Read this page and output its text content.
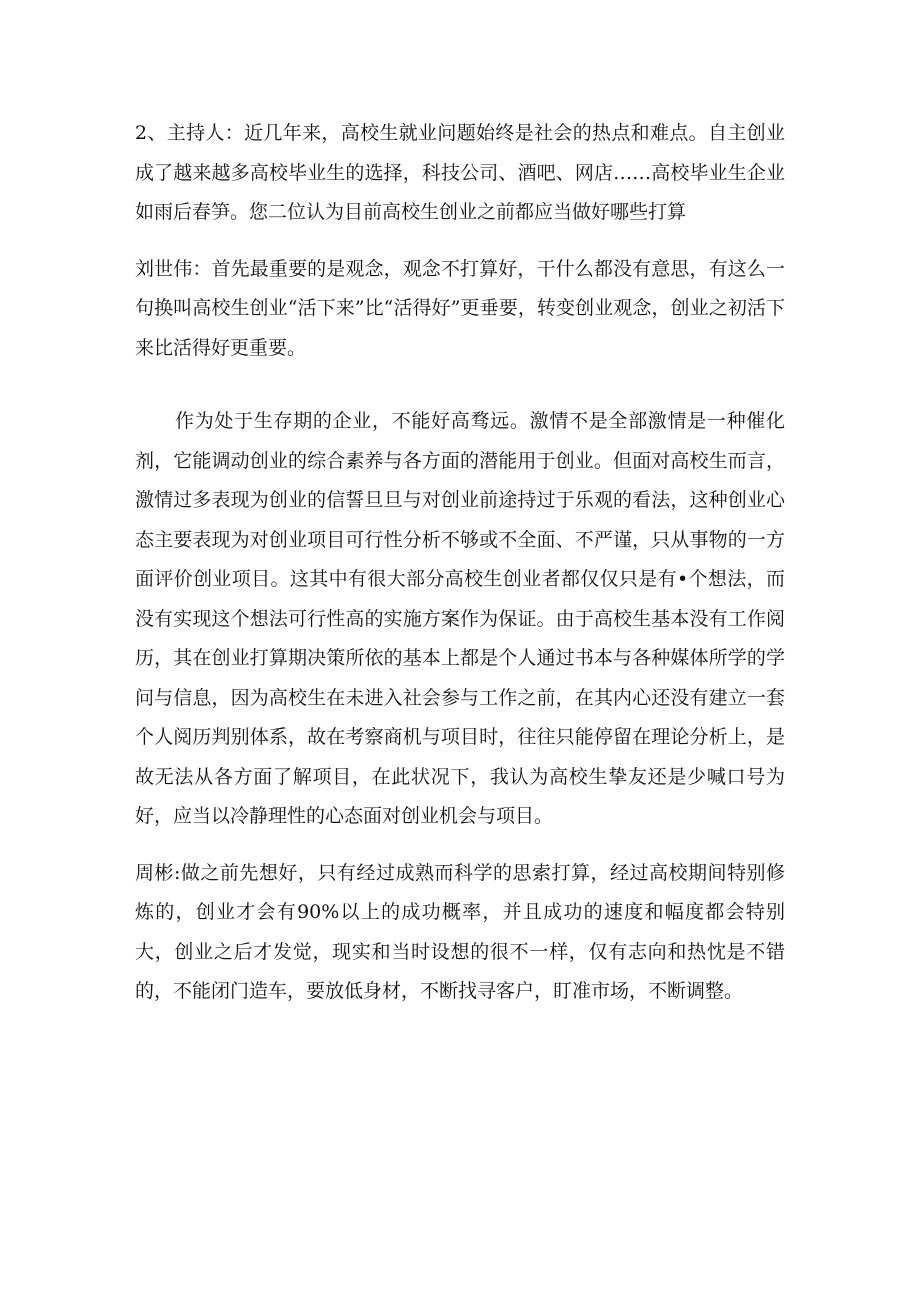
2、主持人：近几年来，高校生就业问题始终是社会的热点和难点。自主创业成了越来越多高校毕业生的选择，科技公司、酒吧、网店……高校毕业生企业如雨后春笋。您二位认为目前高校生创业之前都应当做好哪些打算

刘世伟：首先最重要的是观念，观念不打算好，干什么都没有意思，有这么一句换叫高校生创业“活下来”比“活得好”更垂要，转变创业观念，创业之初活下来比活得好更重要。

作为处于生存期的企业，不能好高骛远。激情不是全部激情是一种催化剂，它能调动创业的综合素养与各方面的潜能用于创业。但面对高校生而言，激情过多表现为创业的信誓旦旦与对创业前途持过于乐观的看法，这种创业心态主要表现为对创业项目可行性分析不够或不全面、不严谨，只从事物的一方面评价创业项目。这其中有很大部分高校生创业者都仅仅只是有•个想法，而没有实现这个想法可行性高的实施方案作为保证。由于高校生基本没有工作阅历，其在创业打算期决策所依的基本上都是个人通过书本与各种媒体所学的学问与信息，因为高校生在未进入社会参与工作之前，在其内心还没有建立一套个人阅历判别体系，故在考察商机与项目时，往往只能停留在理论分析上，是故无法从各方面了解项目，在此状况下，我认为高校生挚友还是少喊口号为好，应当以冷静理性的心态面对创业机会与项目。

周彬:做之前先想好，只有经过成熟而科学的思索打算，经过高校期间特别修炼的，创业才会有90%以上的成功概率，并且成功的速度和幅度都会特别大，创业之后才发觉，现实和当时设想的很不一样，仅有志向和热忱是不错的，不能闭门造车，要放低身材，不断找寻客户，盯准市场，不断调整。
